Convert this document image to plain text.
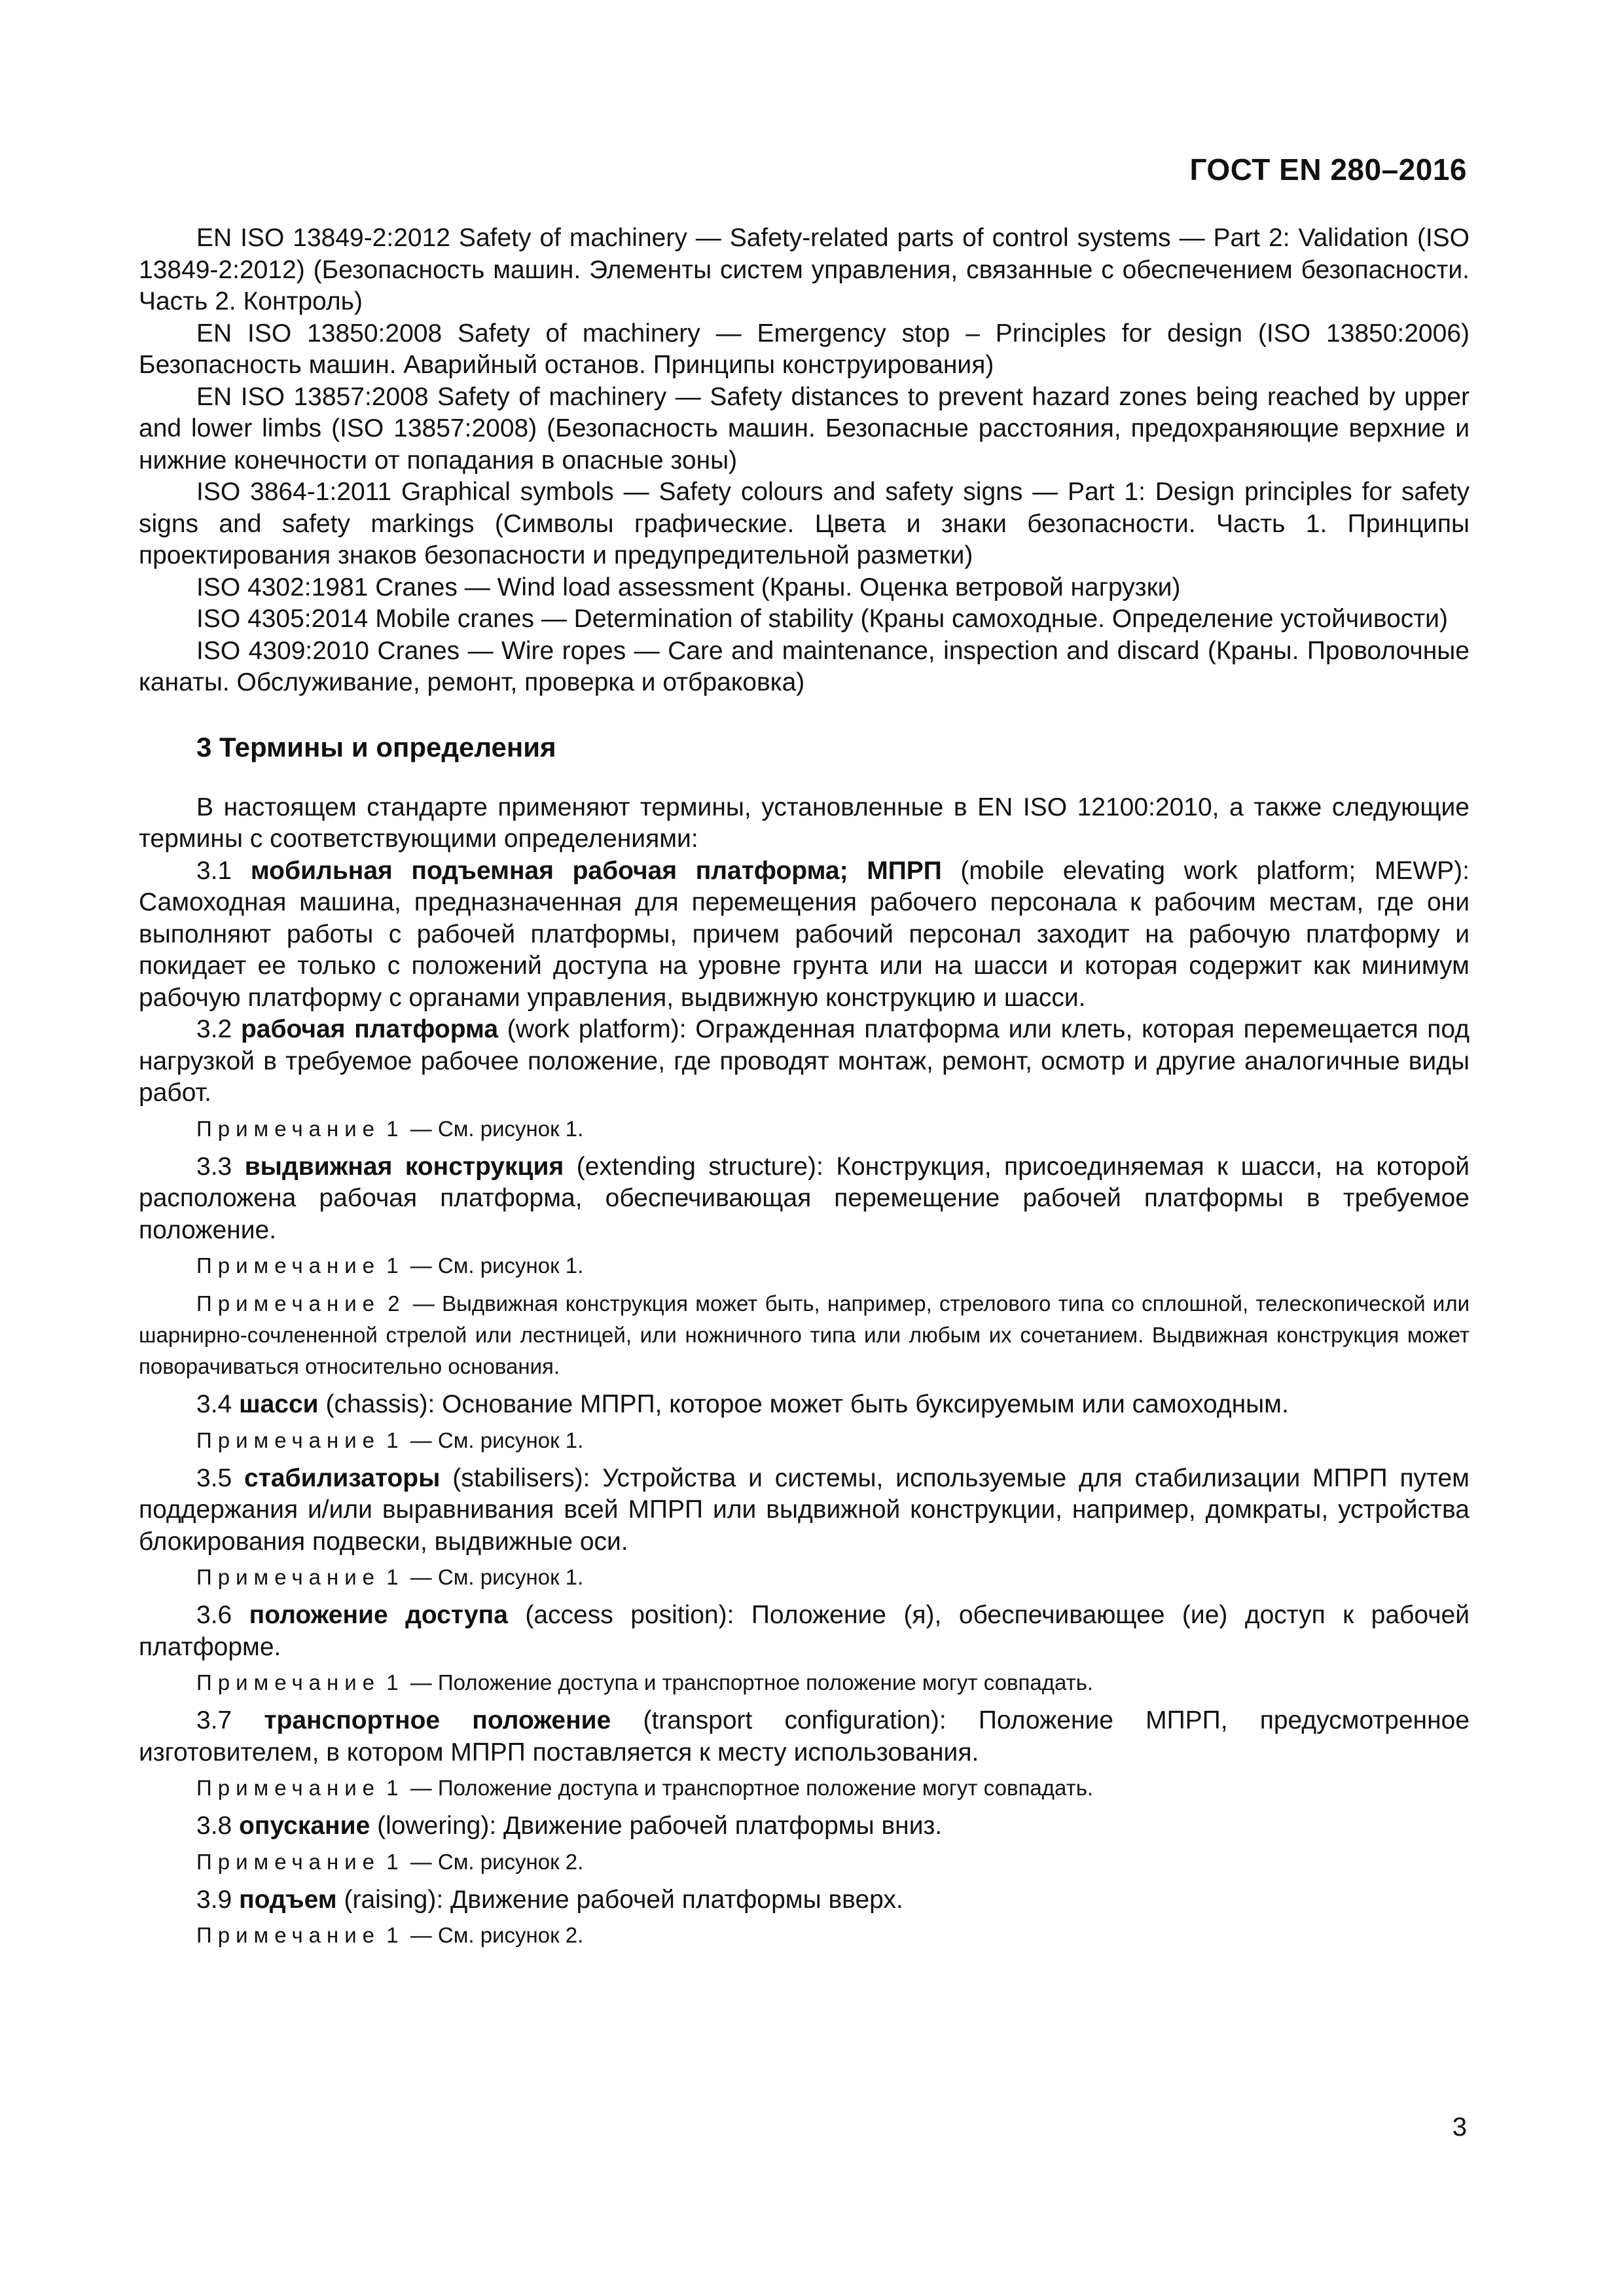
ГОСТ EN 280–2016

EN ISO 13849-2:2012 Safety of machinery — Safety-related parts of control systems — Part 2: Validation (ISO 13849-2:2012) (Безопасность машин. Элементы систем управления, связанные с обеспечением безопасности. Часть 2. Контроль)

EN ISO 13850:2008 Safety of machinery — Emergency stop – Principles for design (ISO 13850:2006) Безопасность машин. Аварийный останов. Принципы конструирования)

EN ISO 13857:2008 Safety of machinery — Safety distances to prevent hazard zones being reached by upper and lower limbs (ISO 13857:2008) (Безопасность машин. Безопасные расстояния, предохраняющие верхние и нижние конечности от попадания в опасные зоны)

ISO 3864-1:2011 Graphical symbols — Safety colours and safety signs — Part 1: Design principles for safety signs and safety markings (Символы графические. Цвета и знаки безопасности. Часть 1. Принципы проектирования знаков безопасности и предупредительной разметки)

ISO 4302:1981 Cranes — Wind load assessment (Краны. Оценка ветровой нагрузки)

ISO 4305:2014 Mobile cranes — Determination of stability (Краны самоходные. Определение устойчивости)

ISO 4309:2010 Cranes — Wire ropes — Care and maintenance, inspection and discard (Краны. Проволочные канаты. Обслуживание, ремонт, проверка и отбраковка)

3 Термины и определения

В настоящем стандарте применяют термины, установленные в EN ISO 12100:2010, а также следующие термины с соответствующими определениями:

3.1 мобильная подъемная рабочая платформа; МПРП (mobile elevating work platform; MEWP): Самоходная машина, предназначенная для перемещения рабочего персонала к рабочим местам, где они выполняют работы с рабочей платформы, причем рабочий персонал заходит на рабочую платформу и покидает ее только с положений доступа на уровне грунта или на шасси и которая содержит как минимум рабочую платформу с органами управления, выдвижную конструкцию и шасси.

3.2 рабочая платформа (work platform): Огражденная платформа или клеть, которая перемещается под нагрузкой в требуемое рабочее положение, где проводят монтаж, ремонт, осмотр и другие аналогичные виды работ.

Примечание 1 — См. рисунок 1.

3.3 выдвижная конструкция (extending structure): Конструкция, присоединяемая к шасси, на которой расположена рабочая платформа, обеспечивающая перемещение рабочей платформы в требуемое положение.

Примечание 1 — См. рисунок 1.

Примечание 2 — Выдвижная конструкция может быть, например, стрелового типа со сплошной, телескопической или шарнирно-сочлененной стрелой или лестницей, или ножничного типа или любым их сочетанием. Выдвижная конструкция может поворачиваться относительно основания.

3.4 шасси (chassis): Основание МПРП, которое может быть буксируемым или самоходным.

Примечание 1 — См. рисунок 1.

3.5 стабилизаторы (stabilisers): Устройства и системы, используемые для стабилизации МПРП путем поддержания и/или выравнивания всей МПРП или выдвижной конструкции, например, домкраты, устройства блокирования подвески, выдвижные оси.

Примечание 1 — См. рисунок 1.

3.6 положение доступа (access position): Положение (я), обеспечивающее (ие) доступ к рабочей платформе.

Примечание 1 — Положение доступа и транспортное положение могут совпадать.

3.7 транспортное положение (transport configuration): Положение МПРП, предусмотренное изготовителем, в котором МПРП поставляется к месту использования.

Примечание 1 — Положение доступа и транспортное положение могут совпадать.

3.8 опускание (lowering): Движение рабочей платформы вниз.

Примечание 1 — См. рисунок 2.

3.9 подъем (raising): Движение рабочей платформы вверх.

Примечание 1 — См. рисунок 2.

3
